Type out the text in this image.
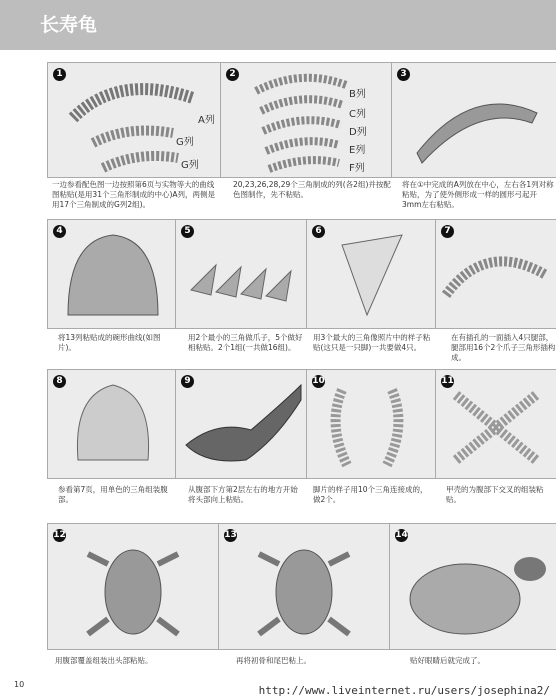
长寿龟
1
A列
G列
G列
一边参看配色图一边按照第6页与实物等大的曲线图粘贴(是用31个三角形制成的中心)A列，两侧是用17个三角制成的G列2组)。
2
B列
C列
D列
E列
F列
20,23,26,28,29个三角制成的列(各2组)并按配色图制作，先不粘贴。
3
将在①中完成的A列放在中心，左右各1列对称粘贴，为了使外侧形成一样的圆形弓起开3mm左右粘贴。
4
将13列粘贴成的碗形曲线(如图片)。
5
用2个最小的三角做爪子，5个做好相粘贴。2个1组(一共做16组)。
6
用3个最大的三角像照片中的样子粘贴(这只是一只脚)一共要做4只。
7
在有插孔的一面插入4只腿部，腿部用16个2个爪子三角形插构成。
8
参看第7页，用单色的三角组装腹部。
9
从腹部下方第2层左右的地方开始将头部向上粘贴。
10
脚片的样子用10个三角连接成的，做2个。
11
甲壳的为腹部下交叉的组装粘贴。
12
用腹部覆盖组装出头部粘贴。
13
再将初骨和尾巴粘上。
14
贴好眼睛后就完成了。
10	http://www.liveinternet.ru/users/josephina2/
